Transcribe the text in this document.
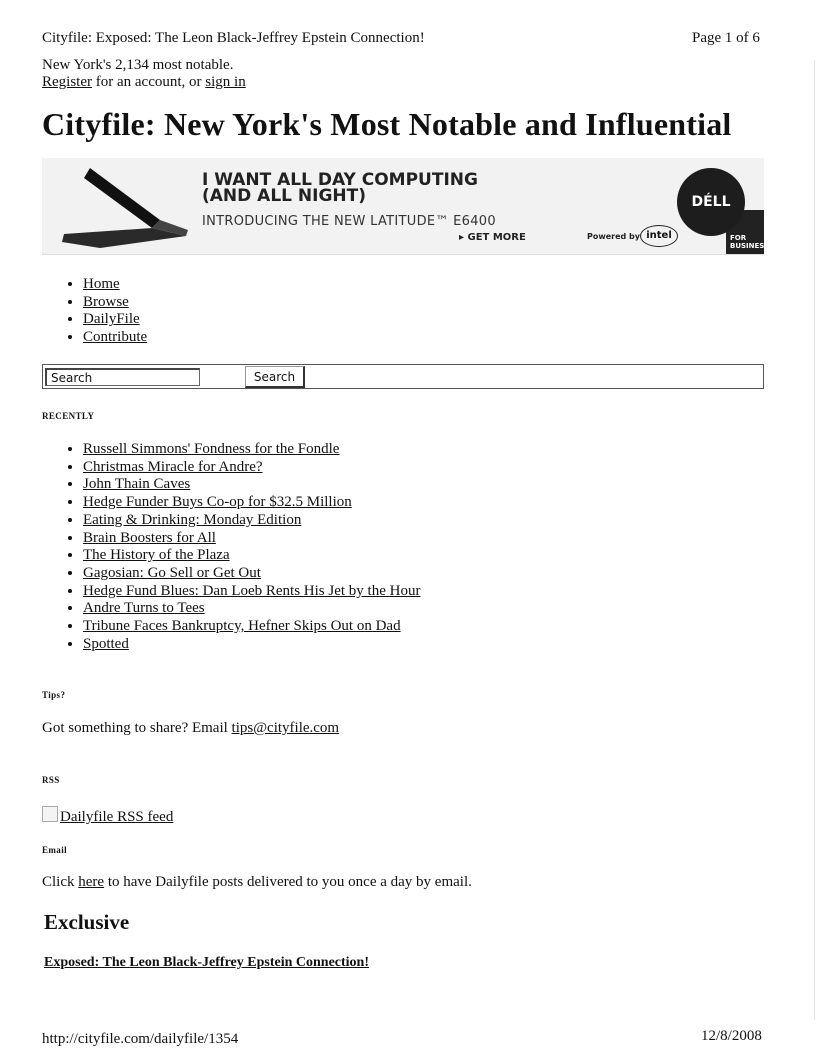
Cityfile: Exposed: The Leon Black-Jeffrey Epstein Connection!	Page 1 of 6
New York's 2,134 most notable.
Register for an account, or sign in
Cityfile: New York's Most Notable and Influential
I WANT ALL DAY COMPUTING
(AND ALL NIGHT)
INTRODUCING THE NEW LATITUDE™ E6400
▸ GET MORE	Powered by intel	FOR BUSINES
DÉLL
• Home
• Browse
• DailyFile
• Contribute
Search
Search
RECENTLY
• Russell Simmons' Fondness for the Fondle
• Christmas Miracle for Andre?
• John Thain Caves
• Hedge Funder Buys Co-op for $32.5 Million
• Eating & Drinking: Monday Edition
• Brain Boosters for All
• The History of the Plaza
• Gagosian: Go Sell or Get Out
• Hedge Fund Blues: Dan Loeb Rents His Jet by the Hour
• Andre Turns to Tees
• Tribune Faces Bankruptcy, Hefner Skips Out on Dad
• Spotted
Tips?
Got something to share? Email tips@cityfile.com
RSS
Dailyfile RSS feed
Email
Click here to have Dailyfile posts delivered to you once a day by email.
Exclusive
Exposed: The Leon Black-Jeffrey Epstein Connection!
http://cityfile.com/dailyfile/1354	12/8/2008
